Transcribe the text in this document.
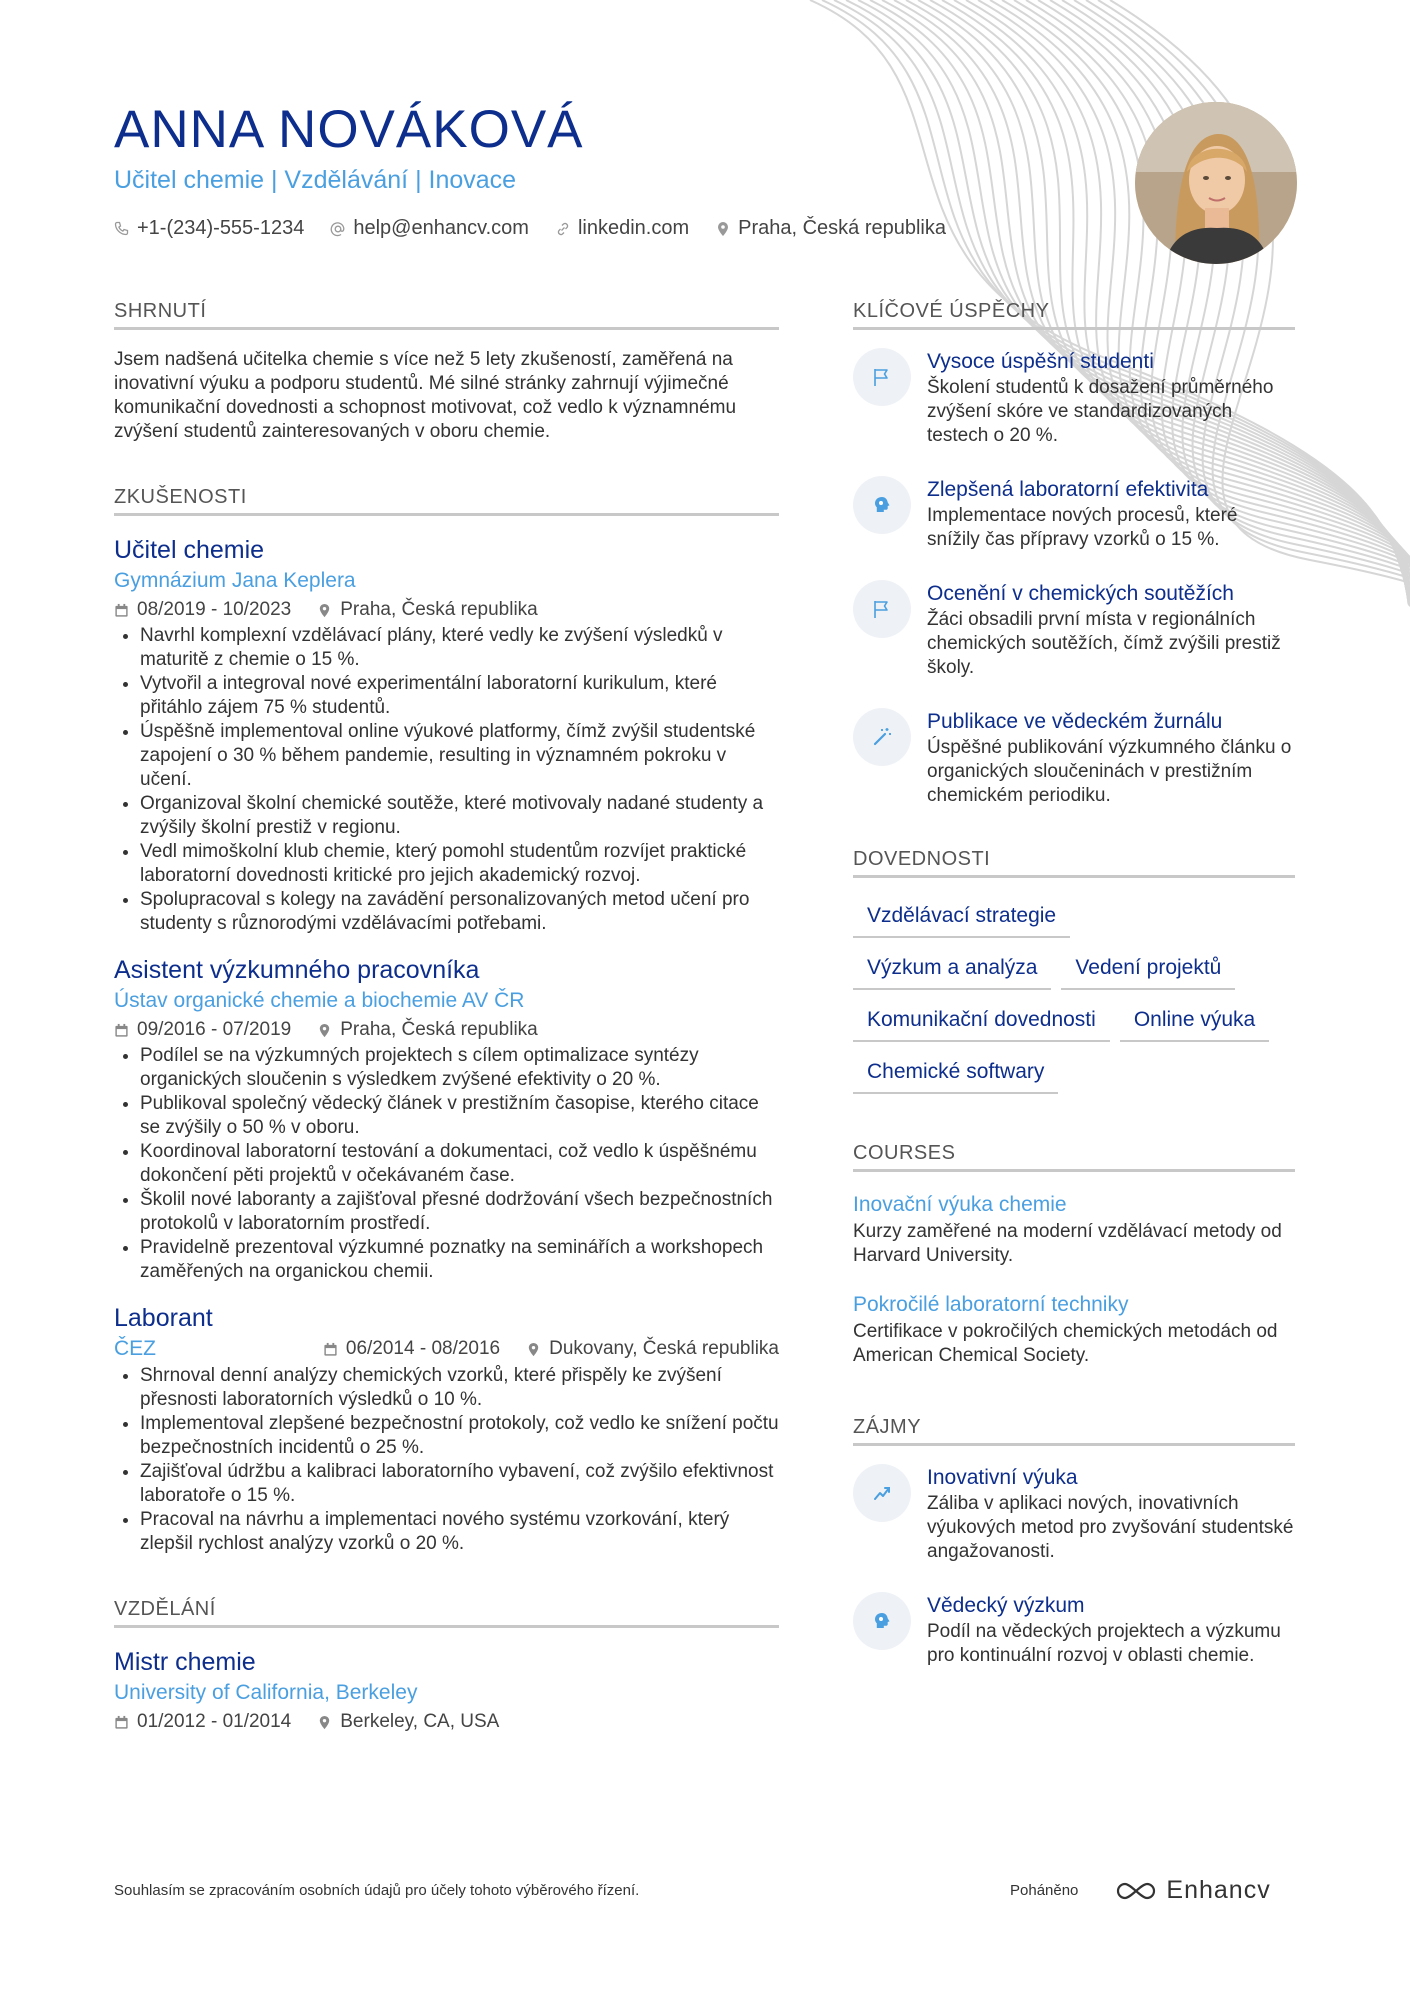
ANNA NOVÁKOVÁ
Učitel chemie | Vzdělávání | Inovace
+1-(234)-555-1234 help@enhancv.com linkedin.com Praha, Česká republika
SHRNUTÍ
Jsem nadšená učitelka chemie s více než 5 lety zkušeností, zaměřená na inovativní výuku a podporu studentů. Mé silné stránky zahrnují výjimečné komunikační dovednosti a schopnost motivovat, což vedlo k významnému zvýšení studentů zainteresovaných v oboru chemie.
ZKUŠENOSTI
Učitel chemie
Gymnázium Jana Keplera
08/2019 - 10/2023	Praha, Česká republika
• Navrhl komplexní vzdělávací plány, které vedly ke zvýšení výsledků v maturitě z chemie o 15 %.
• Vytvořil a integroval nové experimentální laboratorní kurikulum, které přitáhlo zájem 75 % studentů.
• Úspěšně implementoval online výukové platformy, čímž zvýšil studentské zapojení o 30 % během pandemie, resulting in významném pokroku v učení.
• Organizoval školní chemické soutěže, které motivovaly nadané studenty a zvýšily školní prestiž v regionu.
• Vedl mimoškolní klub chemie, který pomohl studentům rozvíjet praktické laboratorní dovednosti kritické pro jejich akademický rozvoj.
• Spolupracoval s kolegy na zavádění personalizovaných metod učení pro studenty s různorodými vzdělávacími potřebami.
Asistent výzkumného pracovníka
Ústav organické chemie a biochemie AV ČR
09/2016 - 07/2019	Praha, Česká republika
• Podílel se na výzkumných projektech s cílem optimalizace syntézy organických sloučenin s výsledkem zvýšené efektivity o 20 %.
• Publikoval společný vědecký článek v prestižním časopise, kterého citace se zvýšily o 50 % v oboru.
• Koordinoval laboratorní testování a dokumentaci, což vedlo k úspěšnému dokončení pěti projektů v očekávaném čase.
• Školil nové laboranty a zajišťoval přesné dodržování všech bezpečnostních protokolů v laboratorním prostředí.
• Pravidelně prezentoval výzkumné poznatky na seminářích a workshopech zaměřených na organickou chemii.
Laborant
ČEZ	06/2014 - 08/2016	Dukovany, Česká republika
• Shrnoval denní analýzy chemických vzorků, které přispěly ke zvýšení přesnosti laboratorních výsledků o 10 %.
• Implementoval zlepšené bezpečnostní protokoly, což vedlo ke snížení počtu bezpečnostních incidentů o 25 %.
• Zajišťoval údržbu a kalibraci laboratorního vybavení, což zvýšilo efektivnost laboratoře o 15 %.
• Pracoval na návrhu a implementaci nového systému vzorkování, který zlepšil rychlost analýzy vzorků o 20 %.
VZDĚLÁNÍ
Mistr chemie
University of California, Berkeley
01/2012 - 01/2014	Berkeley, CA, USA
KLÍČOVÉ ÚSPĚCHY
Vysoce úspěšní studenti
Školení studentů k dosažení průměrného zvýšení skóre ve standardizovaných testech o 20 %.
Zlepšená laboratorní efektivita
Implementace nových procesů, které snížily čas přípravy vzorků o 15 %.
Ocenění v chemických soutěžích
Žáci obsadili první místa v regionálních chemických soutěžích, čímž zvýšili prestiž školy.
Publikace ve vědeckém žurnálu
Úspěšné publikování výzkumného článku o organických sloučeninách v prestižním chemickém periodiku.
DOVEDNOSTI
Vzdělávací strategie
Výzkum a analýza	Vedení projektů
Komunikační dovednosti	Online výuka
Chemické softwary
COURSES
Inovační výuka chemie
Kurzy zaměřené na moderní vzdělávací metody od Harvard University.
Pokročilé laboratorní techniky
Certifikace v pokročilých chemických metodách od American Chemical Society.
ZÁJMY
Inovativní výuka
Záliba v aplikaci nových, inovativních výukových metod pro zvyšování studentské angažovanosti.
Vědecký výzkum
Podíl na vědeckých projektech a výzkumu pro kontinuální rozvoj v oblasti chemie.
Souhlasím se zpracováním osobních údajů pro účely tohoto výběrového řízení.	Poháněno	Enhancv
